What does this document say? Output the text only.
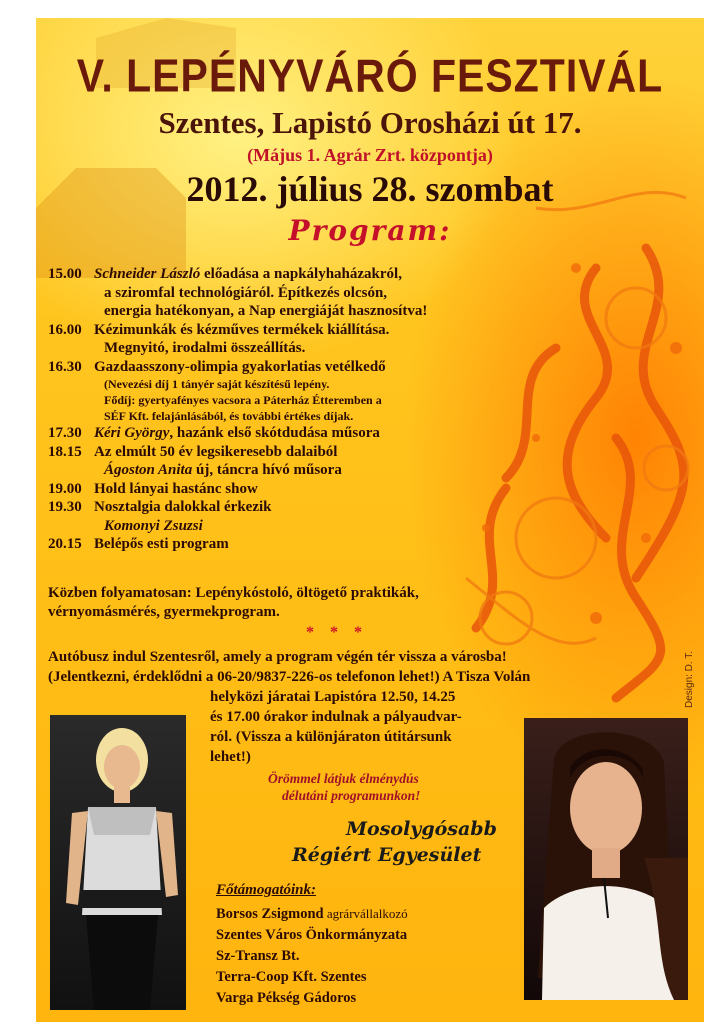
V. LEPÉNYVÁRÓ FESZTIVÁL
Szentes, Lapistó Orosházi út 17.
(Május 1. Agrár Zrt. központja)
2012. július 28. szombat
Program:
15.00 Schneider László előadása a napkályhaházakról,
a sziromfal technológiáról. Építkezés olcsón,
energia hatékonyan, a Nap energiáját hasznosítva!
16.00 Kézimunkák és kézműves termékek kiállítása.
Megnyitó, irodalmi összeállítás.
16.30 Gazdaasszony-olimpia gyakorlatias vetélkedő
(Nevezési díj 1 tányér saját készítésű lepény.
Fődíj: gyertyafényes vacsora a Páterház Étteremben a
SÉF Kft. felajánlásából, és további értékes díjak.
17.30 Kéri György, hazánk első skótdudása műsora
18.15 Az elmúlt 50 év legsikeresebb dalaiból
Ágoston Anita új, táncra hívó műsora
19.00 Hold lányai hastánc show
19.30 Nosztalgia dalokkal érkezik
Komonyi Zsuzsi
20.15 Belépős esti program
Közben folyamatosan: Lepénykóstoló, öltögető praktikák,
vérnyomásmérés, gyermekprogram.
* * *
Autóbusz indul Szentesről, amely a program végén tér vissza a városba!
(Jelentkezni, érdeklődni a 06-20/9837-226-os telefonon lehet!) A Tisza Volán
helyközi járatai Lapistóra 12.50, 14.25
és 17.00 órakor indulnak a pályaudvar-
ról. (Vissza a különjáraton útitársunk
lehet!)
Örömmel látjuk élménydús
délutáni programunkon!
Mosolygósabb
Régiért Egyesület
Főtámogatóink:
Borsos Zsigmond agrárvállalkozó
Szentes Város Önkormányzata
Sz-Transz Bt.
Terra-Coop Kft. Szentes
Varga Pékség Gádoros
Design: D. T.
